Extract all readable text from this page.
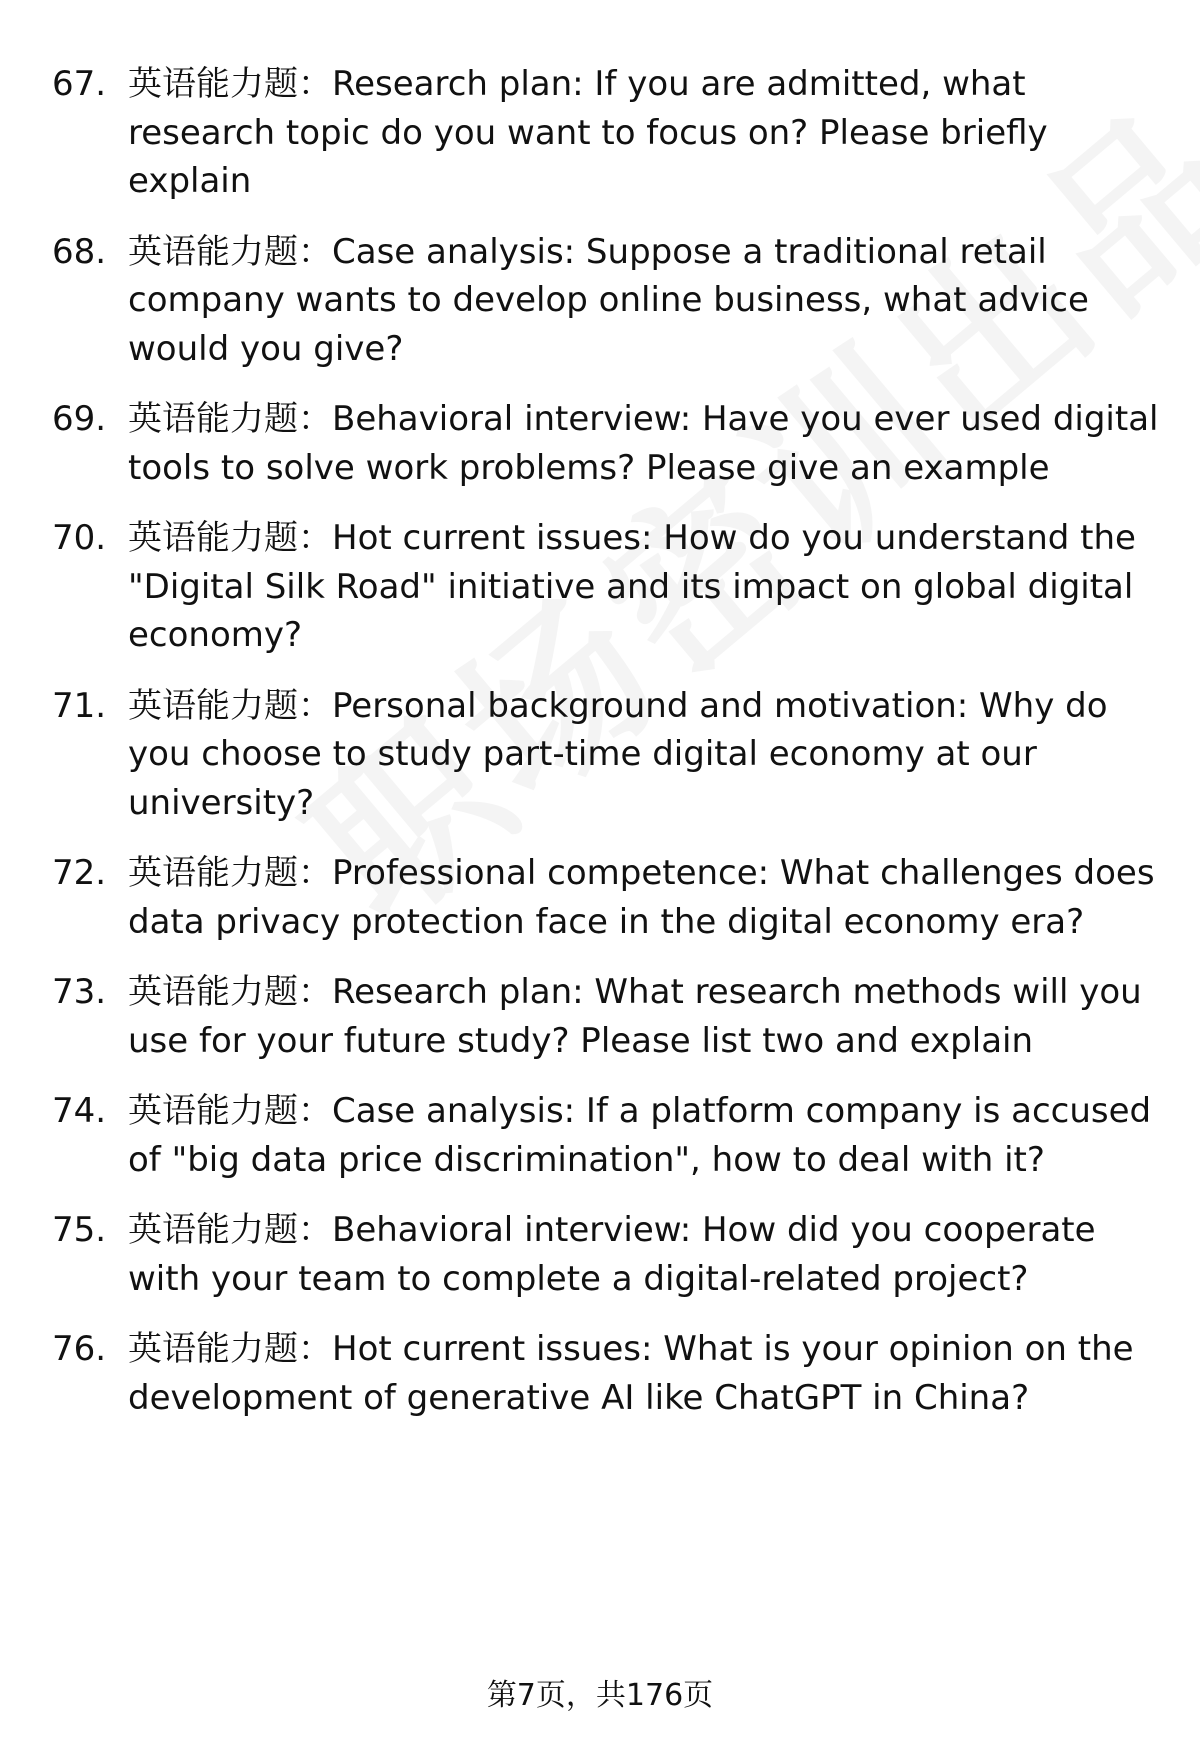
67. 英语能力题：Research plan: If you are admitted, what research topic do you want to focus on? Please briefly explain
68. 英语能力题：Case analysis: Suppose a traditional retail company wants to develop online business, what advice would you give?
69. 英语能力题：Behavioral interview: Have you ever used digital tools to solve work problems? Please give an example
70. 英语能力题：Hot current issues: How do you understand the "Digital Silk Road" initiative and its impact on global digital economy?
71. 英语能力题：Personal background and motivation: Why do you choose to study part-time digital economy at our university?
72. 英语能力题：Professional competence: What challenges does data privacy protection face in the digital economy era?
73. 英语能力题：Research plan: What research methods will you use for your future study? Please list two and explain
74. 英语能力题：Case analysis: If a platform company is accused of "big data price discrimination", how to deal with it?
75. 英语能力题：Behavioral interview: How did you cooperate with your team to complete a digital-related project?
76. 英语能力题：Hot current issues: What is your opinion on the development of generative AI like ChatGPT in China?
第7页，共176页
